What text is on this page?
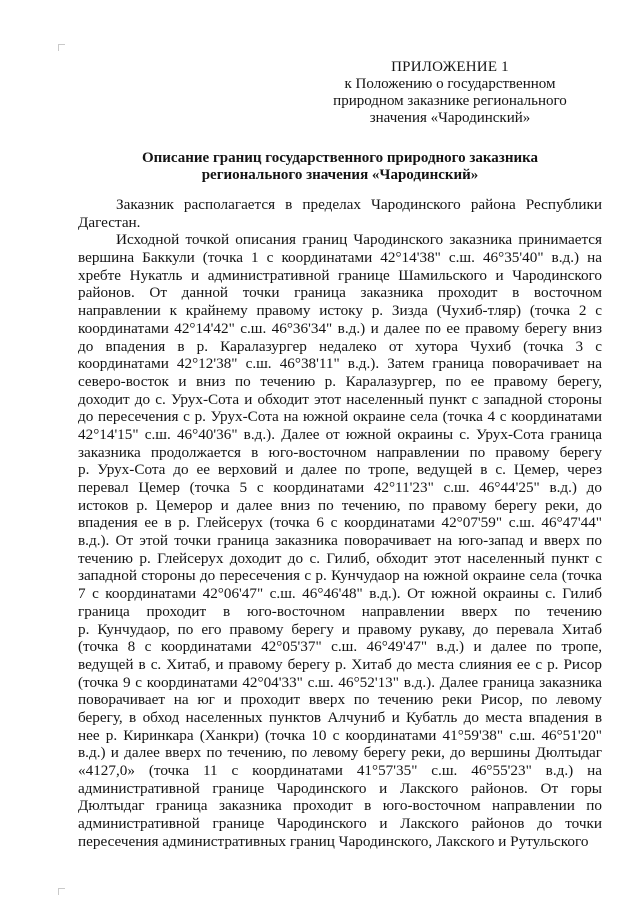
ПРИЛОЖЕНИЕ 1
к Положению о государственном
природном заказнике регионального
значения «Чародинский»
Описание границ государственного природного заказника
регионального значения «Чародинский»
Заказник располагается в пределах Чародинского района Республики
Дагестан.
Исходной точкой описания границ Чародинского заказника принимается
вершина Баккули (точка 1 с координатами 42°14'38" с.ш. 46°35'40" в.д.) на
хребте Нукатль и административной границе Шамильского и Чародинского
районов. От данной точки граница заказника проходит в восточном
направлении к крайнему правому истоку р. Зизда (Чухиб-тляр) (точка 2 с
координатами 42°14'42" с.ш. 46°36'34" в.д.) и далее по ее правому берегу вниз
до впадения в р. Каралазургер недалеко от хутора Чухиб (точка 3 с
координатами 42°12'38" с.ш. 46°38'11" в.д.). Затем граница поворачивает на
северо-восток и вниз по течению р. Каралазургер, по ее правому берегу,
доходит до с. Урух-Сота и обходит этот населенный пункт с западной стороны
до пересечения с р. Урух-Сота на южной окраине села (точка 4 с координатами
42°14'15" с.ш. 46°40'36" в.д.). Далее от южной окраины с. Урух-Сота граница
заказника продолжается в юго-восточном направлении по правому берегу
р. Урух-Сота до ее верховий и далее по тропе, ведущей в с. Цемер, через
перевал Цемер (точка 5 с координатами 42°11'23" с.ш. 46°44'25" в.д.) до
истоков р. Цемерор и далее вниз по течению, по правому берегу реки, до
впадения ее в р. Глейсерух (точка 6 с координатами 42°07'59" с.ш. 46°47'44"
в.д.). От этой точки граница заказника поворачивает на юго-запад и вверх по
течению р. Глейсерух доходит до с. Гилиб, обходит этот населенный пункт с
западной стороны до пересечения с р. Кунчудаор на южной окраине села (точка
7 с координатами 42°06'47" с.ш. 46°46'48" в.д.). От южной окраины с. Гилиб
граница проходит в юго-восточном направлении вверх по течению
р. Кунчудаор, по его правому берегу и правому рукаву, до перевала Хитаб
(точка 8 с координатами 42°05'37" с.ш. 46°49'47" в.д.) и далее по тропе,
ведущей в с. Хитаб, и правому берегу р. Хитаб до места слияния ее с р. Рисор
(точка 9 с координатами 42°04'33" с.ш. 46°52'13" в.д.). Далее граница заказника
поворачивает на юг и проходит вверх по течению реки Рисор, по левому
берегу, в обход населенных пунктов Алчуниб и Кубатль до места впадения в
нее р. Киринкара (Ханкри) (точка 10 с координатами 41°59'38" с.ш. 46°51'20"
в.д.) и далее вверх по течению, по левому берегу реки, до вершины Дюлтыдаг
«4127,0» (точка 11 с координатами 41°57'35" с.ш. 46°55'23" в.д.) на
административной границе Чародинского и Лакского районов. От горы
Дюлтыдаг граница заказника проходит в юго-восточном направлении по
административной границе Чародинского и Лакского районов до точки
пересечения административных границ Чародинского, Лакского и Рутульского
